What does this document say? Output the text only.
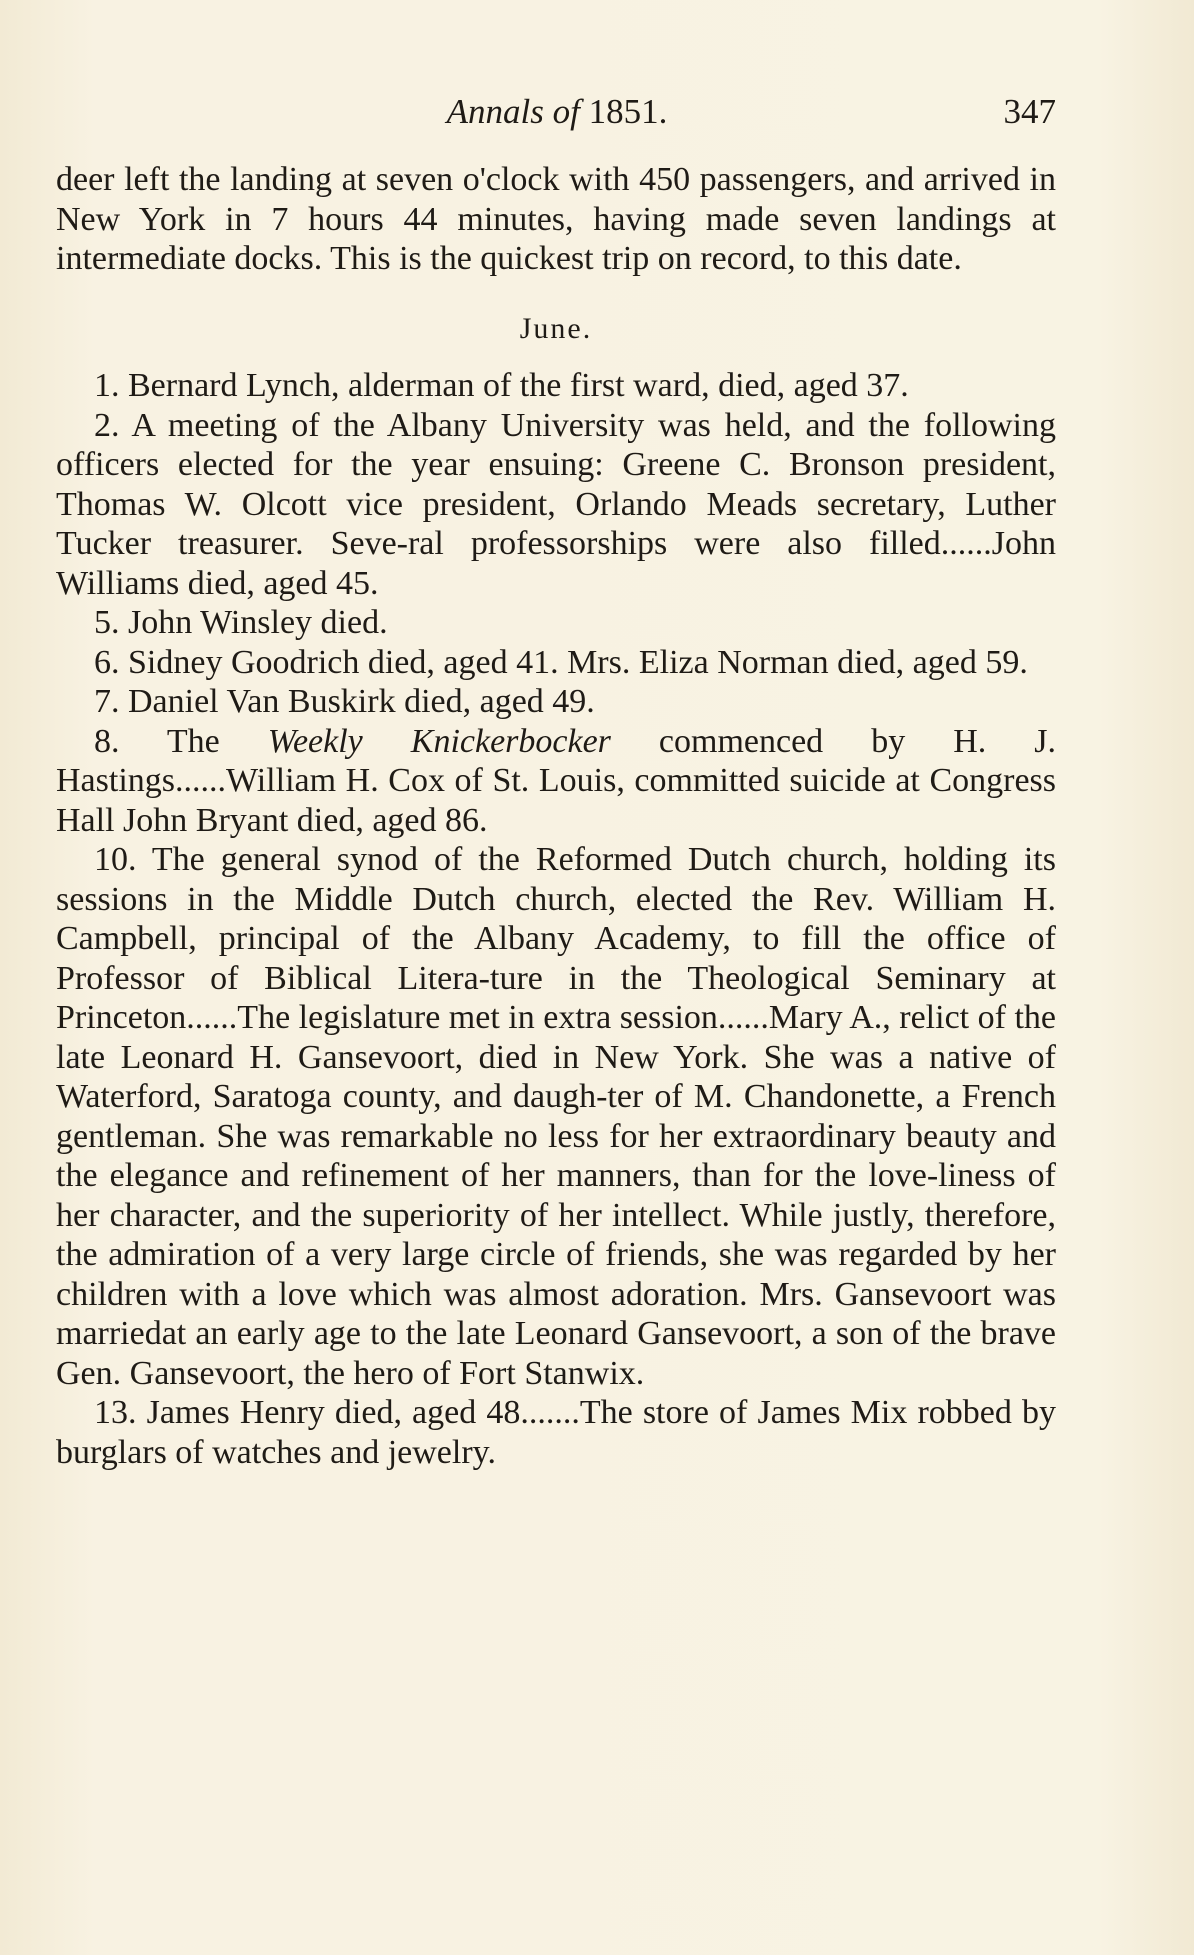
Annals of 1851.	347

deer left the landing at seven o'clock with 450 passengers, and arrived in New York in 7 hours 44 minutes, having made seven landings at intermediate docks. This is the quickest trip on record, to this date.

June.

1. Bernard Lynch, alderman of the first ward, died, aged 37.

2. A meeting of the Albany University was held, and the following officers elected for the year ensuing: Greene C. Bronson president, Thomas W. Olcott vice president, Orlando Meads secretary, Luther Tucker treasurer. Seve-ral professorships were also filled......John Williams died, aged 45.

5. John Winsley died.

6. Sidney Goodrich died, aged 41. Mrs. Eliza Norman died, aged 59.

7. Daniel Van Buskirk died, aged 49.

8. The Weekly Knickerbocker commenced by H. J. Hastings......William H. Cox of St. Louis, committed suicide at Congress Hall John Bryant died, aged 86.

10. The general synod of the Reformed Dutch church, holding its sessions in the Middle Dutch church, elected the Rev. William H. Campbell, principal of the Albany Academy, to fill the office of Professor of Biblical Litera-ture in the Theological Seminary at Princeton......The legislature met in extra session......Mary A., relict of the late Leonard H. Gansevoort, died in New York. She was a native of Waterford, Saratoga county, and daugh-ter of M. Chandonette, a French gentleman. She was remarkable no less for her extraordinary beauty and the elegance and refinement of her manners, than for the love-liness of her character, and the superiority of her intellect. While justly, therefore, the admiration of a very large circle of friends, she was regarded by her children with a love which was almost adoration. Mrs. Gansevoort was marriedat an early age to the late Leonard Gansevoort, a son of the brave Gen. Gansevoort, the hero of Fort Stanwix.

13. James Henry died, aged 48.......The store of James Mix robbed by burglars of watches and jewelry.
